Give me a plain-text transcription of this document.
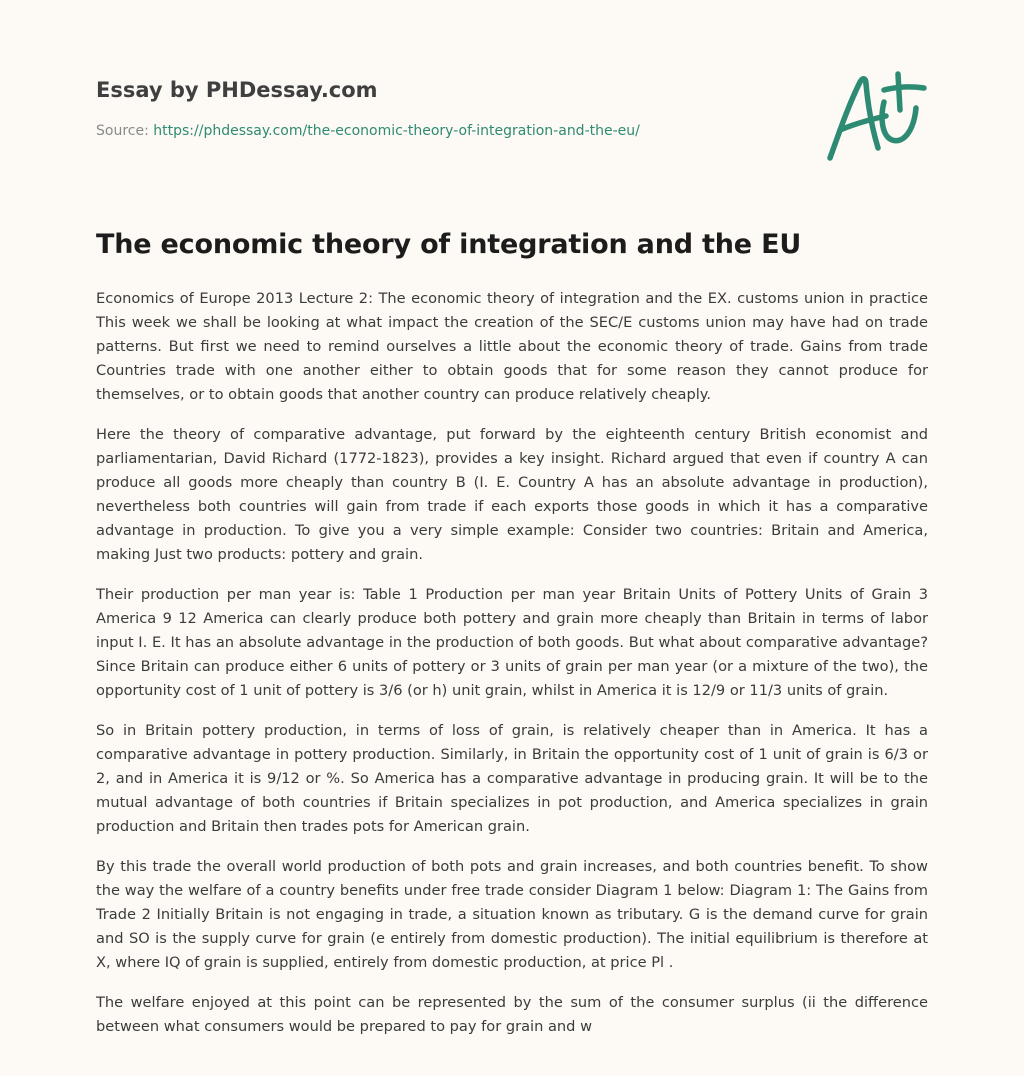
Essay by PHDessay.com
Source: https://phdessay.com/the-economic-theory-of-integration-and-the-eu/
The economic theory of integration and the EU

Economics of Europe 2013 Lecture 2: The economic theory of integration and the EX. customs union in practice This week we shall be looking at what impact the creation of the SEC/E customs union may have had on trade patterns. But first we need to remind ourselves a little about the economic theory of trade. Gains from trade Countries trade with one another either to obtain goods that for some reason they cannot produce for themselves, or to obtain goods that another country can produce relatively cheaply.

Here the theory of comparative advantage, put forward by the eighteenth century British economist and parliamentarian, David Richard (1772-1823), provides a key insight. Richard argued that even if country A can produce all goods more cheaply than country B (I. E. Country A has an absolute advantage in production), nevertheless both countries will gain from trade if each exports those goods in which it has a comparative advantage in production. To give you a very simple example: Consider two countries: Britain and America, making Just two products: pottery and grain.

Their production per man year is: Table 1 Production per man year Britain Units of Pottery Units of Grain 3 America 9 12 America can clearly produce both pottery and grain more cheaply than Britain in terms of labor input I. E. It has an absolute advantage in the production of both goods. But what about comparative advantage? Since Britain can produce either 6 units of pottery or 3 units of grain per man year (or a mixture of the two), the opportunity cost of 1 unit of pottery is 3/6 (or h) unit grain, whilst in America it is 12/9 or 11/3 units of grain.

So in Britain pottery production, in terms of loss of grain, is relatively cheaper than in America. It has a comparative advantage in pottery production. Similarly, in Britain the opportunity cost of 1 unit of grain is 6/3 or 2, and in America it is 9/12 or %. So America has a comparative advantage in producing grain. It will be to the mutual advantage of both countries if Britain specializes in pot production, and America specializes in grain production and Britain then trades pots for American grain.

By this trade the overall world production of both pots and grain increases, and both countries benefit. To show the way the welfare of a country benefits under free trade consider Diagram 1 below: Diagram 1: The Gains from Trade 2 Initially Britain is not engaging in trade, a situation known as tributary. G is the demand curve for grain and SO is the supply curve for grain (e entirely from domestic production). The initial equilibrium is therefore at X, where IQ of grain is supplied, entirely from domestic production, at price Pl .

The welfare enjoyed at this point can be represented by the sum of the consumer surplus (ii the difference between what consumers would be prepared to pay for grain and w
